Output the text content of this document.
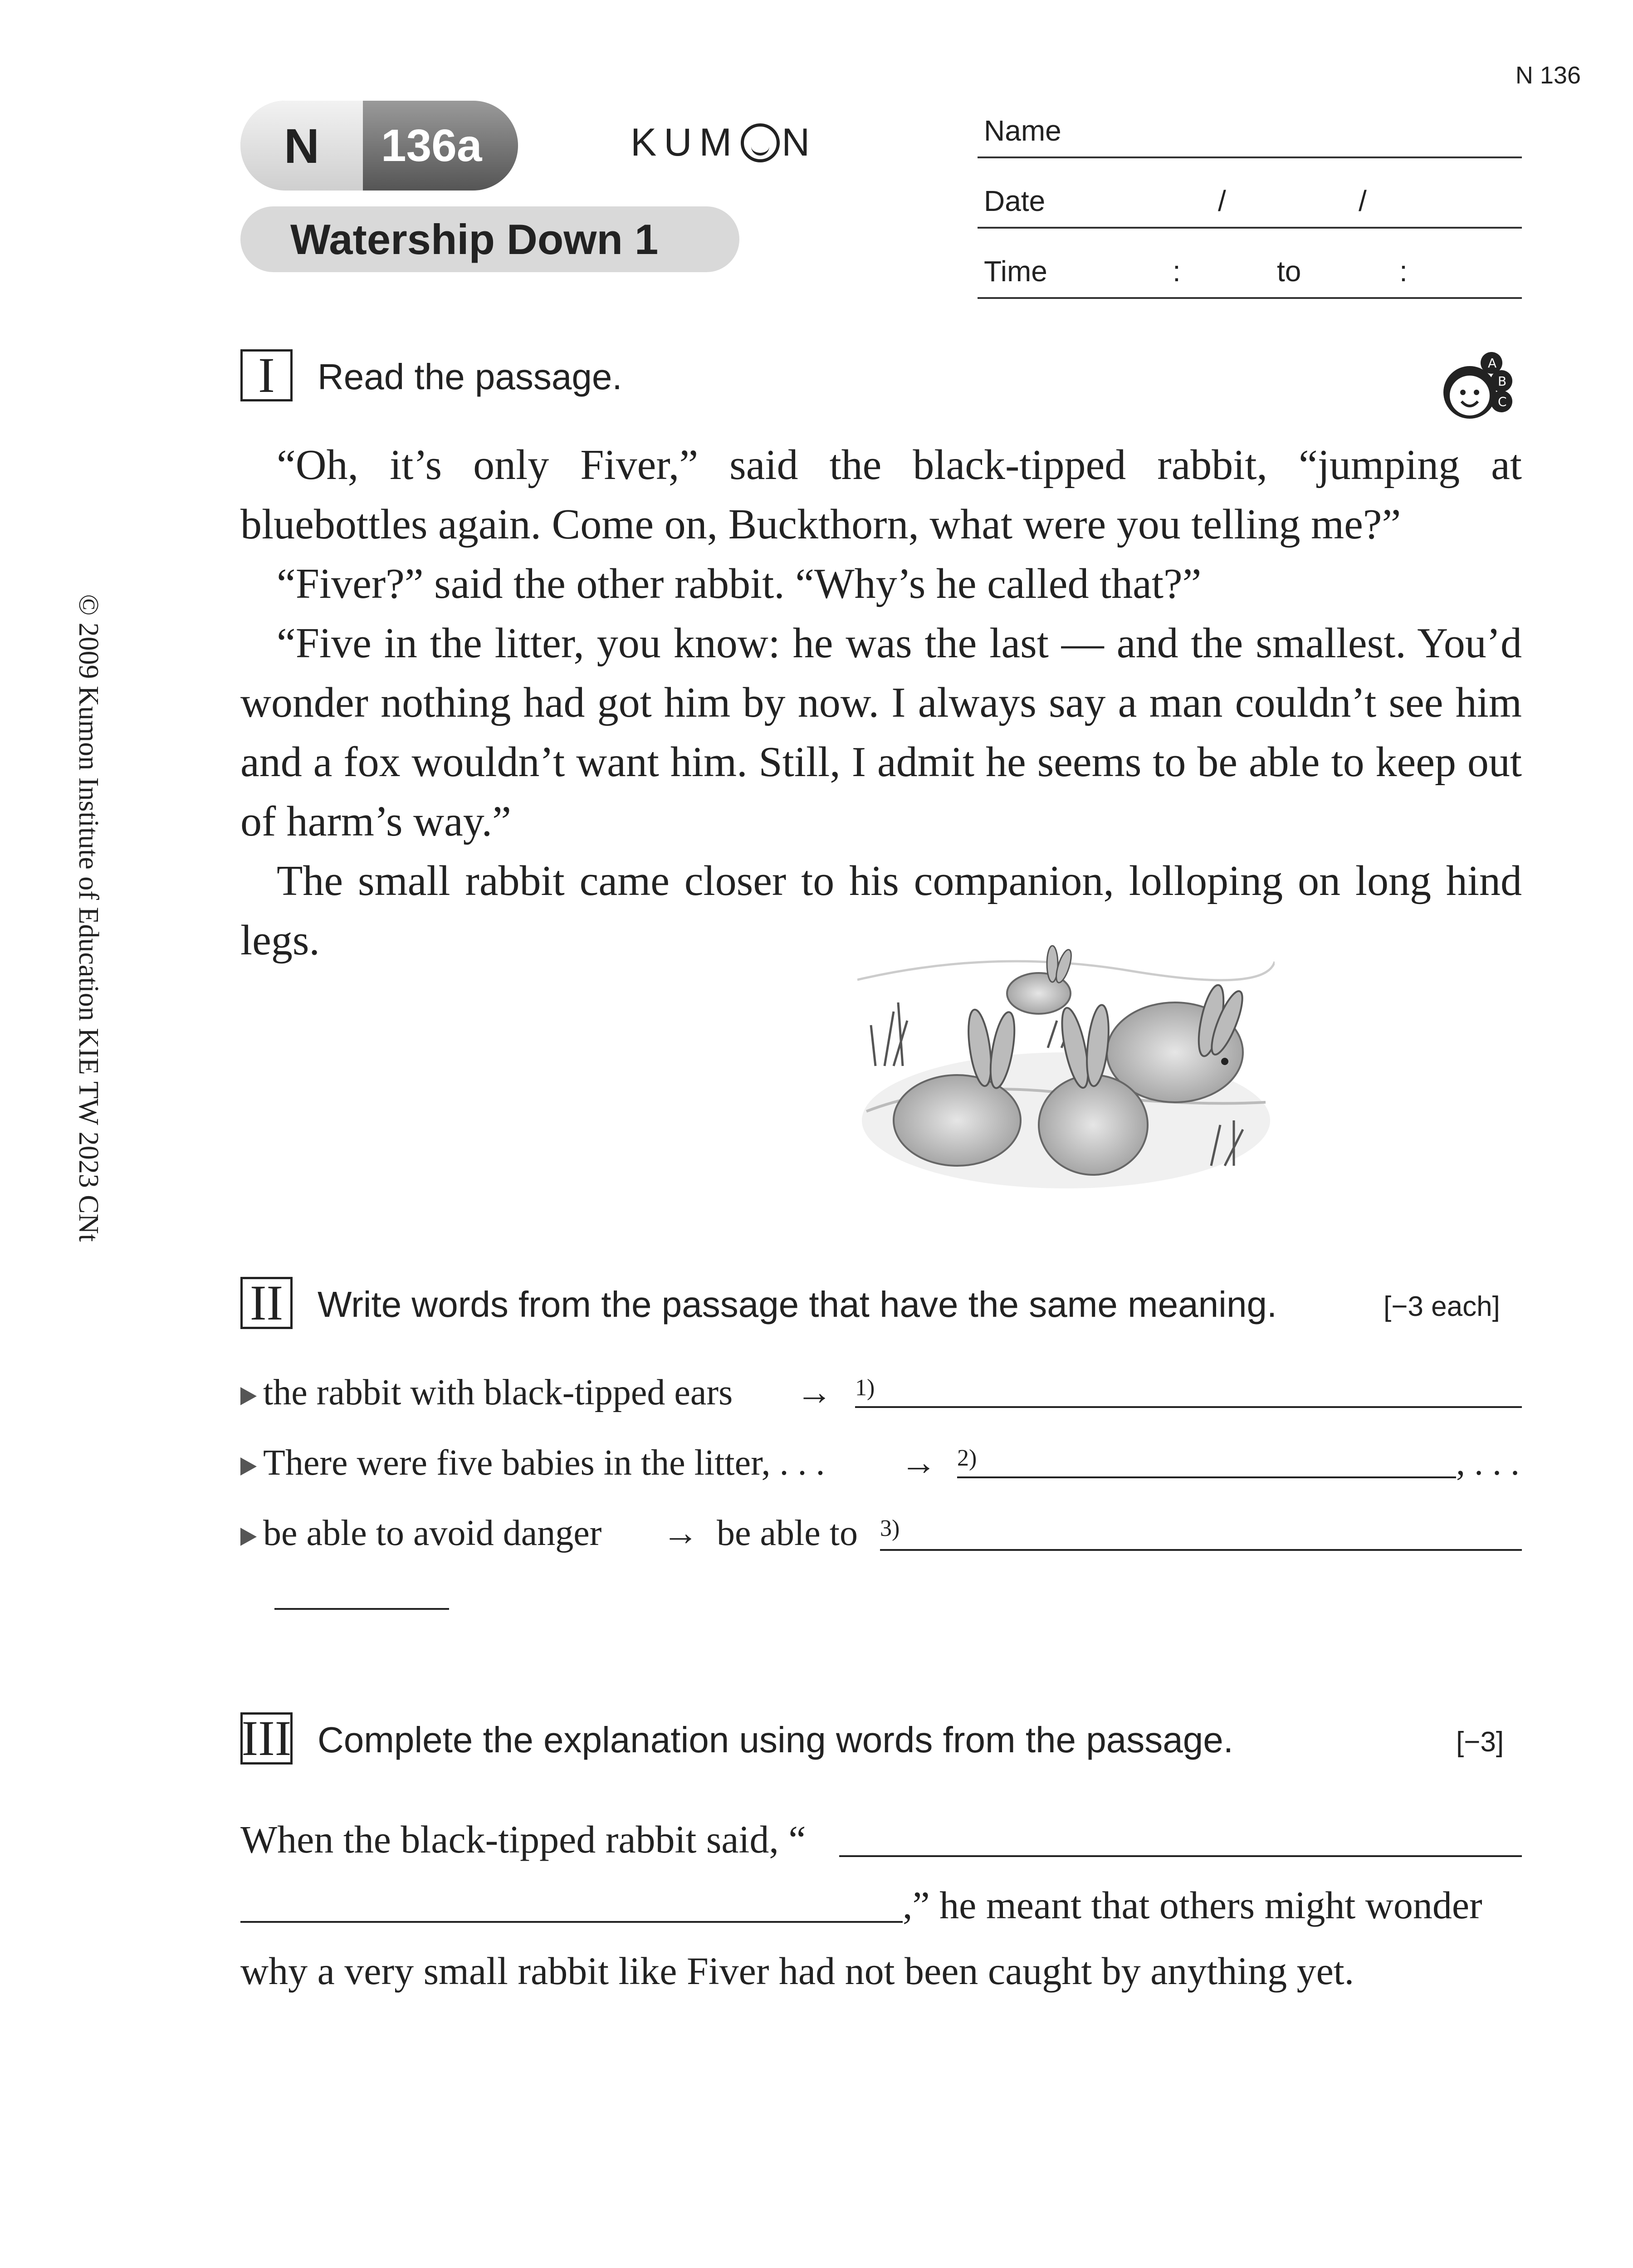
N 136
N	136a	KUM N
Watership Down 1
Name
Date	/	/
Time	:	to	:
© 2009 Kumon Institute of Education KIE TW 2023 CNt
I	Read the passage.	A
B
C

“Oh, it’s only Fiver,” said the black-tipped rabbit, “jumping at bluebottles again. Come on, Buckthorn, what were you telling me?”

“Fiver?” said the other rabbit. “Why’s he called that?”

“Five in the litter, you know: he was the last — and the smallest. You’d wonder nothing had got him by now. I always say a man couldn’t see him and a fox wouldn’t want him. Still, I admit he seems to be able to keep out of harm’s way.”

The small rabbit came closer to his companion, lolloping on long hind legs.

II Write words from the passage that have the same meaning.	[−3 each]
the rabbit with black-tipped ears → 1)
There were five babies in the litter, . . . → 2)	, . . .
be able to avoid danger → be able to 3)
III Complete the explanation using words from the passage.	[−3]
When the black-tipped rabbit said, “
,” he meant that others might wonder
why a very small rabbit like Fiver had not been caught by anything yet.
